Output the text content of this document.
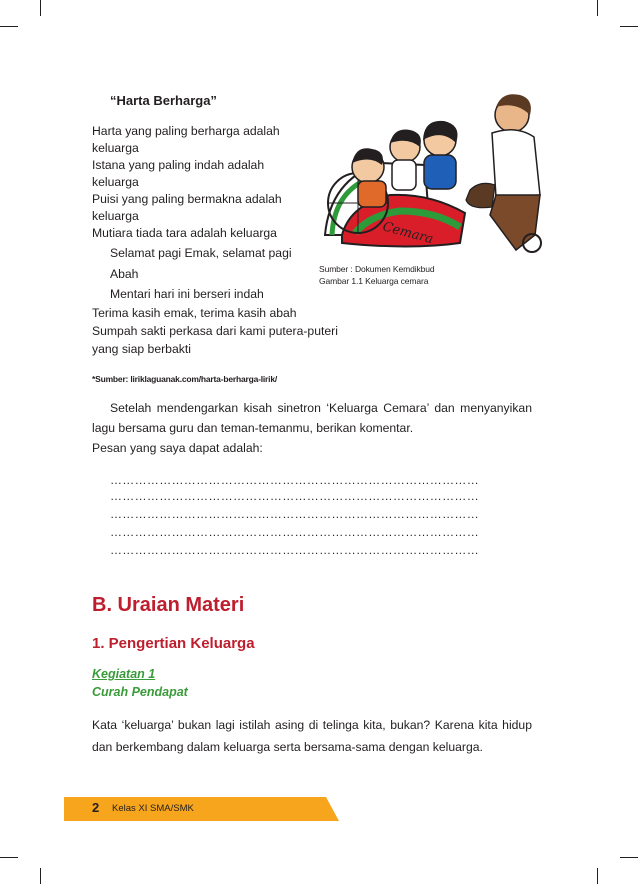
“Harta Berharga”
Harta yang paling berharga adalah
keluarga
Istana yang paling indah adalah
keluarga
Puisi yang paling bermakna adalah
keluarga
Mutiara tiada tara adalah keluarga
Selamat pagi Emak, selamat pagi
Abah
Mentari hari ini berseri indah
Terima kasih emak, terima kasih abah
Sumpah sakti perkasa dari kami putera-puteri
yang siap berbakti
*Sumber: liriklaguanak.com/harta-berharga-lirik/
Cemara
Sumber : Dokumen Kemdikbud
Gambar 1.1 Keluarga cemara
Setelah mendengarkan kisah sinetron ‘Keluarga Cemara’ dan menyanyikan lagu bersama guru dan teman-temanmu, berikan komentar.
Pesan yang saya dapat adalah:
………………………………………………………………………………
………………………………………………………………………………
………………………………………………………………………………
………………………………………………………………………………
………………………………………………………………………………
B. Uraian Materi
1. Pengertian Keluarga
Kegiatan 1
Curah Pendapat
Kata ‘keluarga’ bukan lagi istilah asing di telinga kita, bukan? Karena kita hidup dan berkembang dalam keluarga serta bersama-sama dengan keluarga.
2 Kelas XI SMA/SMK
